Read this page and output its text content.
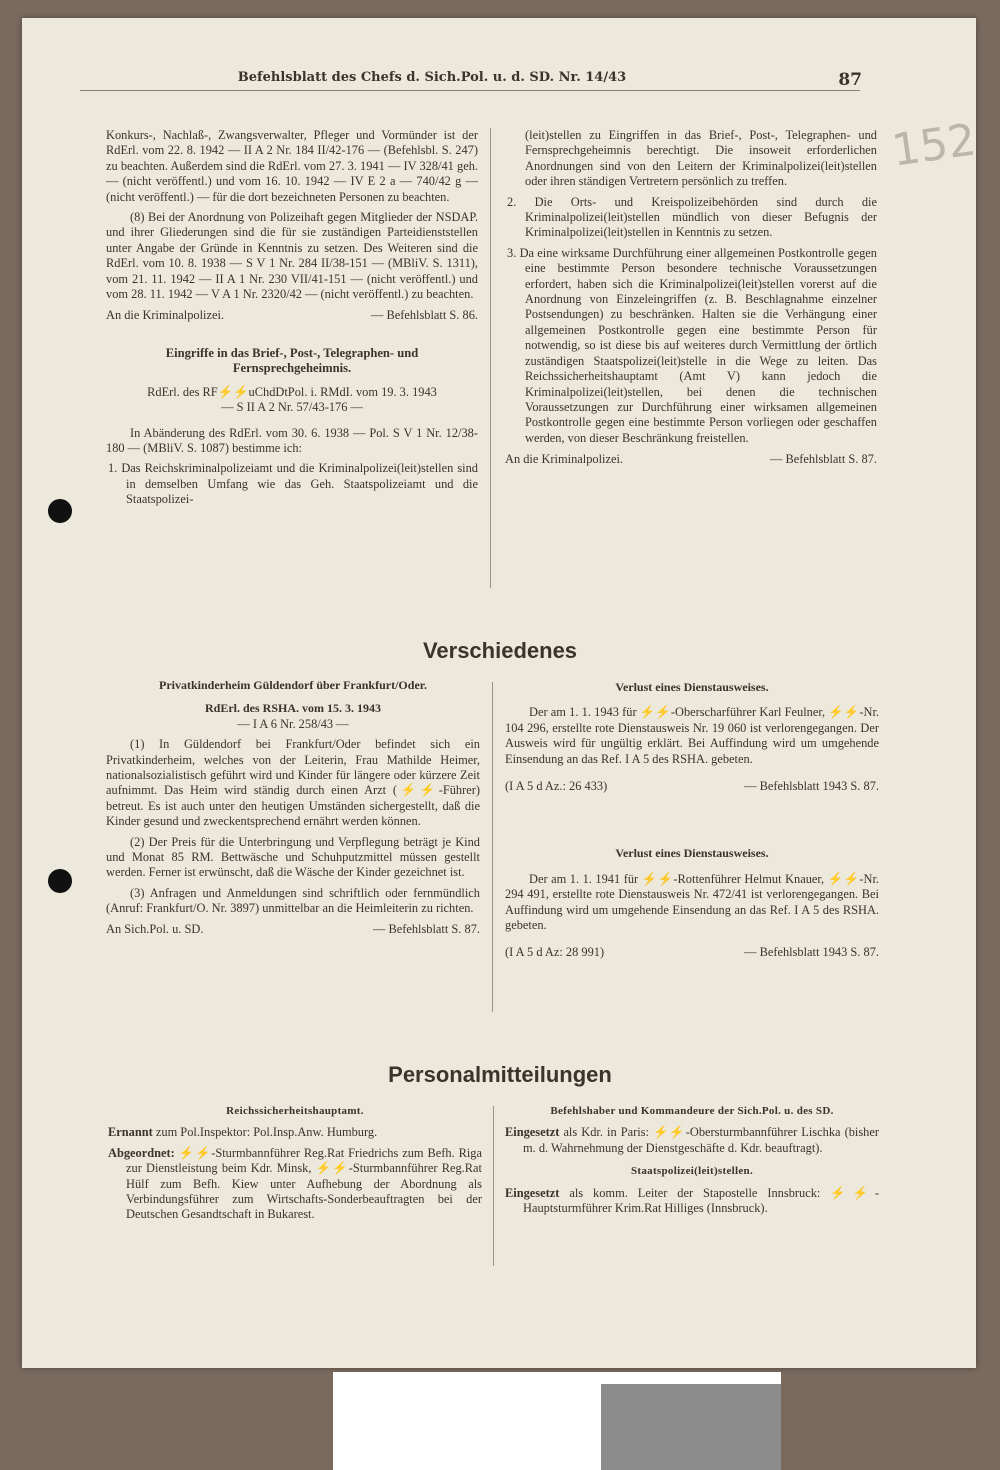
152
Befehlsblatt des Chefs d. Sich.Pol. u. d. SD. Nr. 14/43	87

Konkurs-, Nachlaß-, Zwangsverwalter, Pfleger und Vormünder ist der RdErl. vom 22. 8. 1942 — II A 2 Nr. 184 II/42-176 — (Befehlsbl. S. 247) zu beachten. Außerdem sind die RdErl. vom 27. 3. 1941 — IV 328/41 geh. — (nicht veröffentl.) und vom 16. 10. 1942 — IV E 2 a — 740/42 g — (nicht veröffentl.) — für die dort bezeichneten Personen zu beachten.

(8) Bei der Anordnung von Polizeihaft gegen Mitglieder der NSDAP. und ihrer Gliederungen sind die für sie zuständigen Parteidienststellen unter Angabe der Gründe in Kenntnis zu setzen. Des Weiteren sind die RdErl. vom 10. 8. 1938 — S V 1 Nr. 284 II/38-151 — (MBliV. S. 1311), vom 21. 11. 1942 — II A 1 Nr. 230 VII/41-151 — (nicht veröffentl.) und vom 28. 11. 1942 — V A 1 Nr. 2320/42 — (nicht veröffentl.) zu beachten.

An die Kriminalpolizei.	— Befehlsblatt S. 86.

Eingriffe in das Brief-, Post-, Telegraphen- und Fernsprechgeheimnis.

RdErl. des RF⚡⚡uChdDtPol. i. RMdI. vom 19. 3. 1943

— S II A 2 Nr. 57/43-176 —

In Abänderung des RdErl. vom 30. 6. 1938 — Pol. S V 1 Nr. 12/38-180 — (MBliV. S. 1087) bestimme ich:

1. Das Reichskriminalpolizeiamt und die Kriminalpolizei(leit)stellen sind in demselben Umfang wie das Geh. Staatspolizeiamt und die Staatspolizei-

(leit)stellen zu Eingriffen in das Brief-, Post-, Telegraphen- und Fernsprechgeheimnis berechtigt. Die insoweit erforderlichen Anordnungen sind von den Leitern der Kriminalpolizei(leit)stellen oder ihren ständigen Vertretern persönlich zu treffen.

2. Die Orts- und Kreispolizeibehörden sind durch die Kriminalpolizei(leit)stellen mündlich von dieser Befugnis der Kriminalpolizei(leit)stellen in Kenntnis zu setzen.

3. Da eine wirksame Durchführung einer allgemeinen Postkontrolle gegen eine bestimmte Person besondere technische Voraussetzungen erfordert, haben sich die Kriminalpolizei(leit)stellen vorerst auf die Anordnung von Einzeleingriffen (z. B. Beschlagnahme einzelner Postsendungen) zu beschränken. Halten sie die Verhängung einer allgemeinen Postkontrolle gegen eine bestimmte Person für notwendig, so ist diese bis auf weiteres durch Vermittlung der örtlich zuständigen Staatspolizei(leit)stelle in die Wege zu leiten. Das Reichssicherheitshauptamt (Amt V) kann jedoch die Kriminalpolizei(leit)stellen, bei denen die technischen Voraussetzungen zur Durchführung einer wirksamen allgemeinen Postkontrolle gegen eine bestimmte Person vorliegen oder geschaffen werden, von dieser Beschränkung freistellen.

An die Kriminalpolizei.	— Befehlsblatt S. 87.
Verschiedenes

Privatkinderheim Güldendorf über Frankfurt/Oder.

RdErl. des RSHA. vom 15. 3. 1943

— I A 6 Nr. 258/43 —

(1) In Güldendorf bei Frankfurt/Oder befindet sich ein Privatkinderheim, welches von der Leiterin, Frau Mathilde Heimer, nationalsozialistisch geführt wird und Kinder für längere oder kürzere Zeit aufnimmt. Das Heim wird ständig durch einen Arzt (⚡⚡-Führer) betreut. Es ist auch unter den heutigen Umständen sichergestellt, daß die Kinder gesund und zweckentsprechend ernährt werden können.

(2) Der Preis für die Unterbringung und Verpflegung beträgt je Kind und Monat 85 RM. Bettwäsche und Schuhputzmittel müssen gestellt werden. Ferner ist erwünscht, daß die Wäsche der Kinder gezeichnet ist.

(3) Anfragen und Anmeldungen sind schriftlich oder fernmündlich (Anruf: Frankfurt/O. Nr. 3897) unmittelbar an die Heimleiterin zu richten.

An Sich.Pol. u. SD.	— Befehlsblatt S. 87.

Verlust eines Dienstausweises.

Der am 1. 1. 1943 für ⚡⚡-Oberscharführer Karl Feulner, ⚡⚡-Nr. 104 296, erstellte rote Dienstausweis Nr. 19 060 ist verlorengegangen. Der Ausweis wird für ungültig erklärt. Bei Auffindung wird um umgehende Einsendung an das Ref. I A 5 des RSHA. gebeten.

(I A 5 d Az.: 26 433)	— Befehlsblatt 1943 S. 87.

Verlust eines Dienstausweises.

Der am 1. 1. 1941 für ⚡⚡-Rottenführer Helmut Knauer, ⚡⚡-Nr. 294 491, erstellte rote Dienstausweis Nr. 472/41 ist verlorengegangen. Bei Auffindung wird um umgehende Einsendung an das Ref. I A 5 des RSHA. gebeten.

(I A 5 d Az: 28 991)	— Befehlsblatt 1943 S. 87.
Personalmitteilungen
Reichssicherheitshauptamt.

Ernannt zum Pol.Inspektor: Pol.Insp.Anw. Humburg.

Abgeordnet: ⚡⚡-Sturmbannführer Reg.Rat Friedrichs zum Befh. Riga zur Dienstleistung beim Kdr. Minsk, ⚡⚡-Sturmbannführer Reg.Rat Hülf zum Befh. Kiew unter Aufhebung der Abordnung als Verbindungsführer zum Wirtschafts-Sonderbeauftragten bei der Deutschen Gesandtschaft in Bukarest.

Befehlshaber und Kommandeure der Sich.Pol. u. des SD.

Eingesetzt als Kdr. in Paris: ⚡⚡-Obersturmbannführer Lischka (bisher m. d. Wahrnehmung der Dienstgeschäfte d. Kdr. beauftragt).

Staatspolizei(leit)stellen.

Eingesetzt als komm. Leiter der Stapostelle Innsbruck: ⚡⚡-Hauptsturmführer Krim.Rat Hilliges (Innsbruck).
